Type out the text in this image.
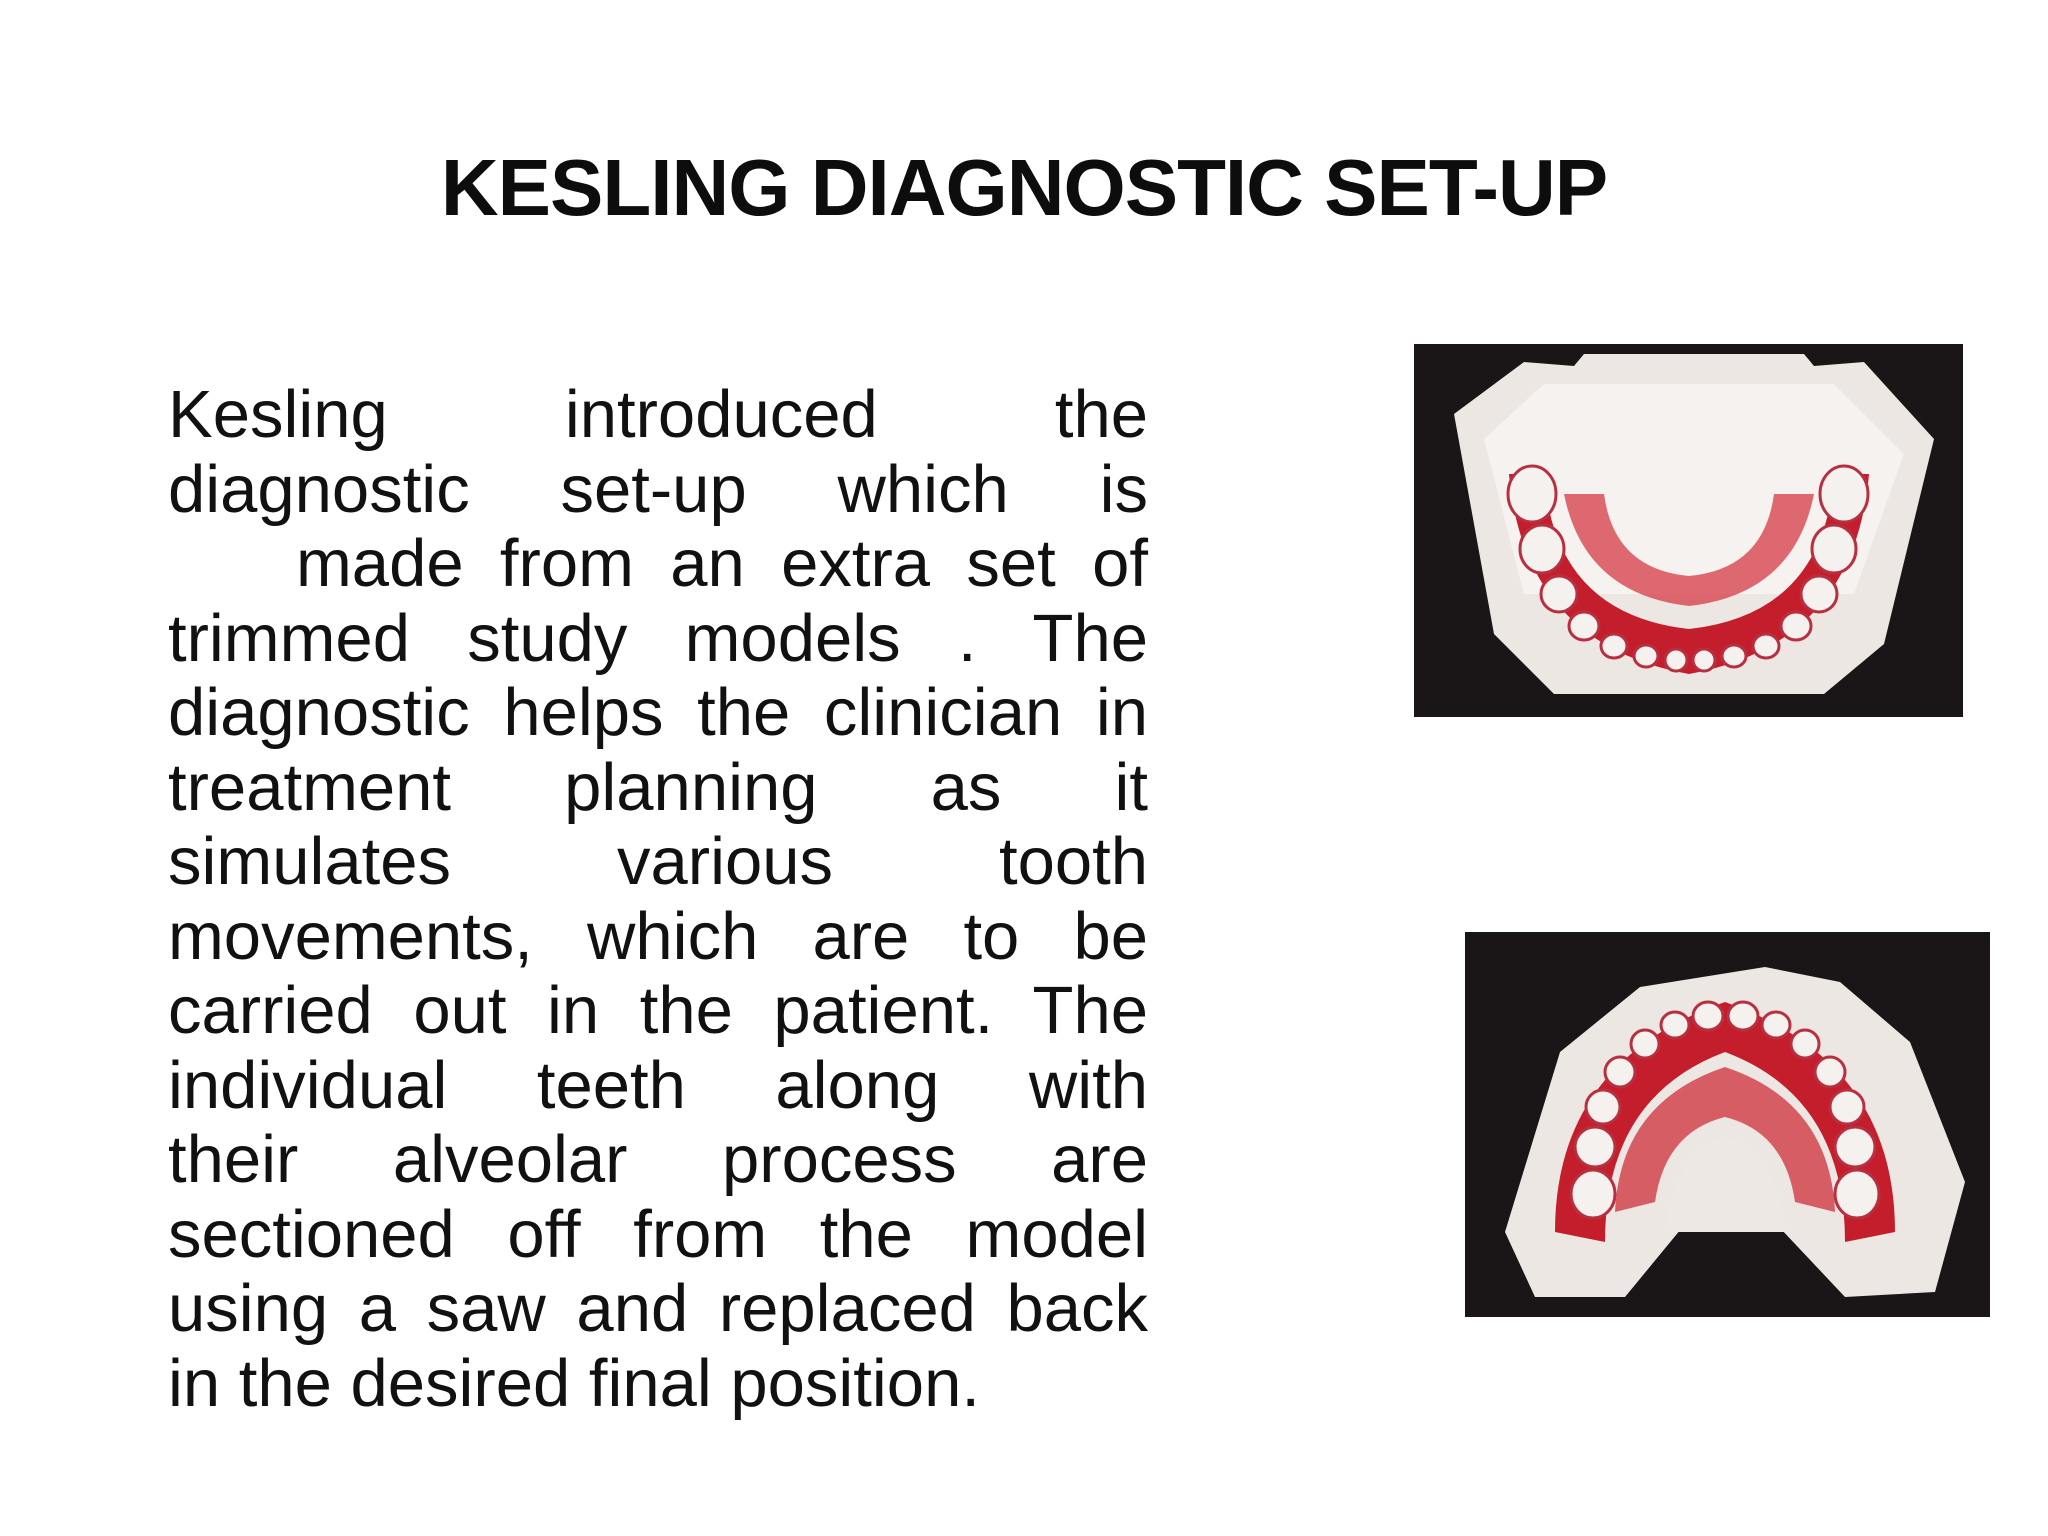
KESLING DIAGNOSTIC SET-UP
Kesling introduced the
diagnostic set-up which is
made from an extra set of
trimmed study models . The
diagnostic helps the clinician in
treatment planning as it
simulates various tooth
movements, which are to be
carried out in the patient. The
individual teeth along with
their alveolar process are
sectioned off from the model
using a saw and replaced back
in the desired final position.
